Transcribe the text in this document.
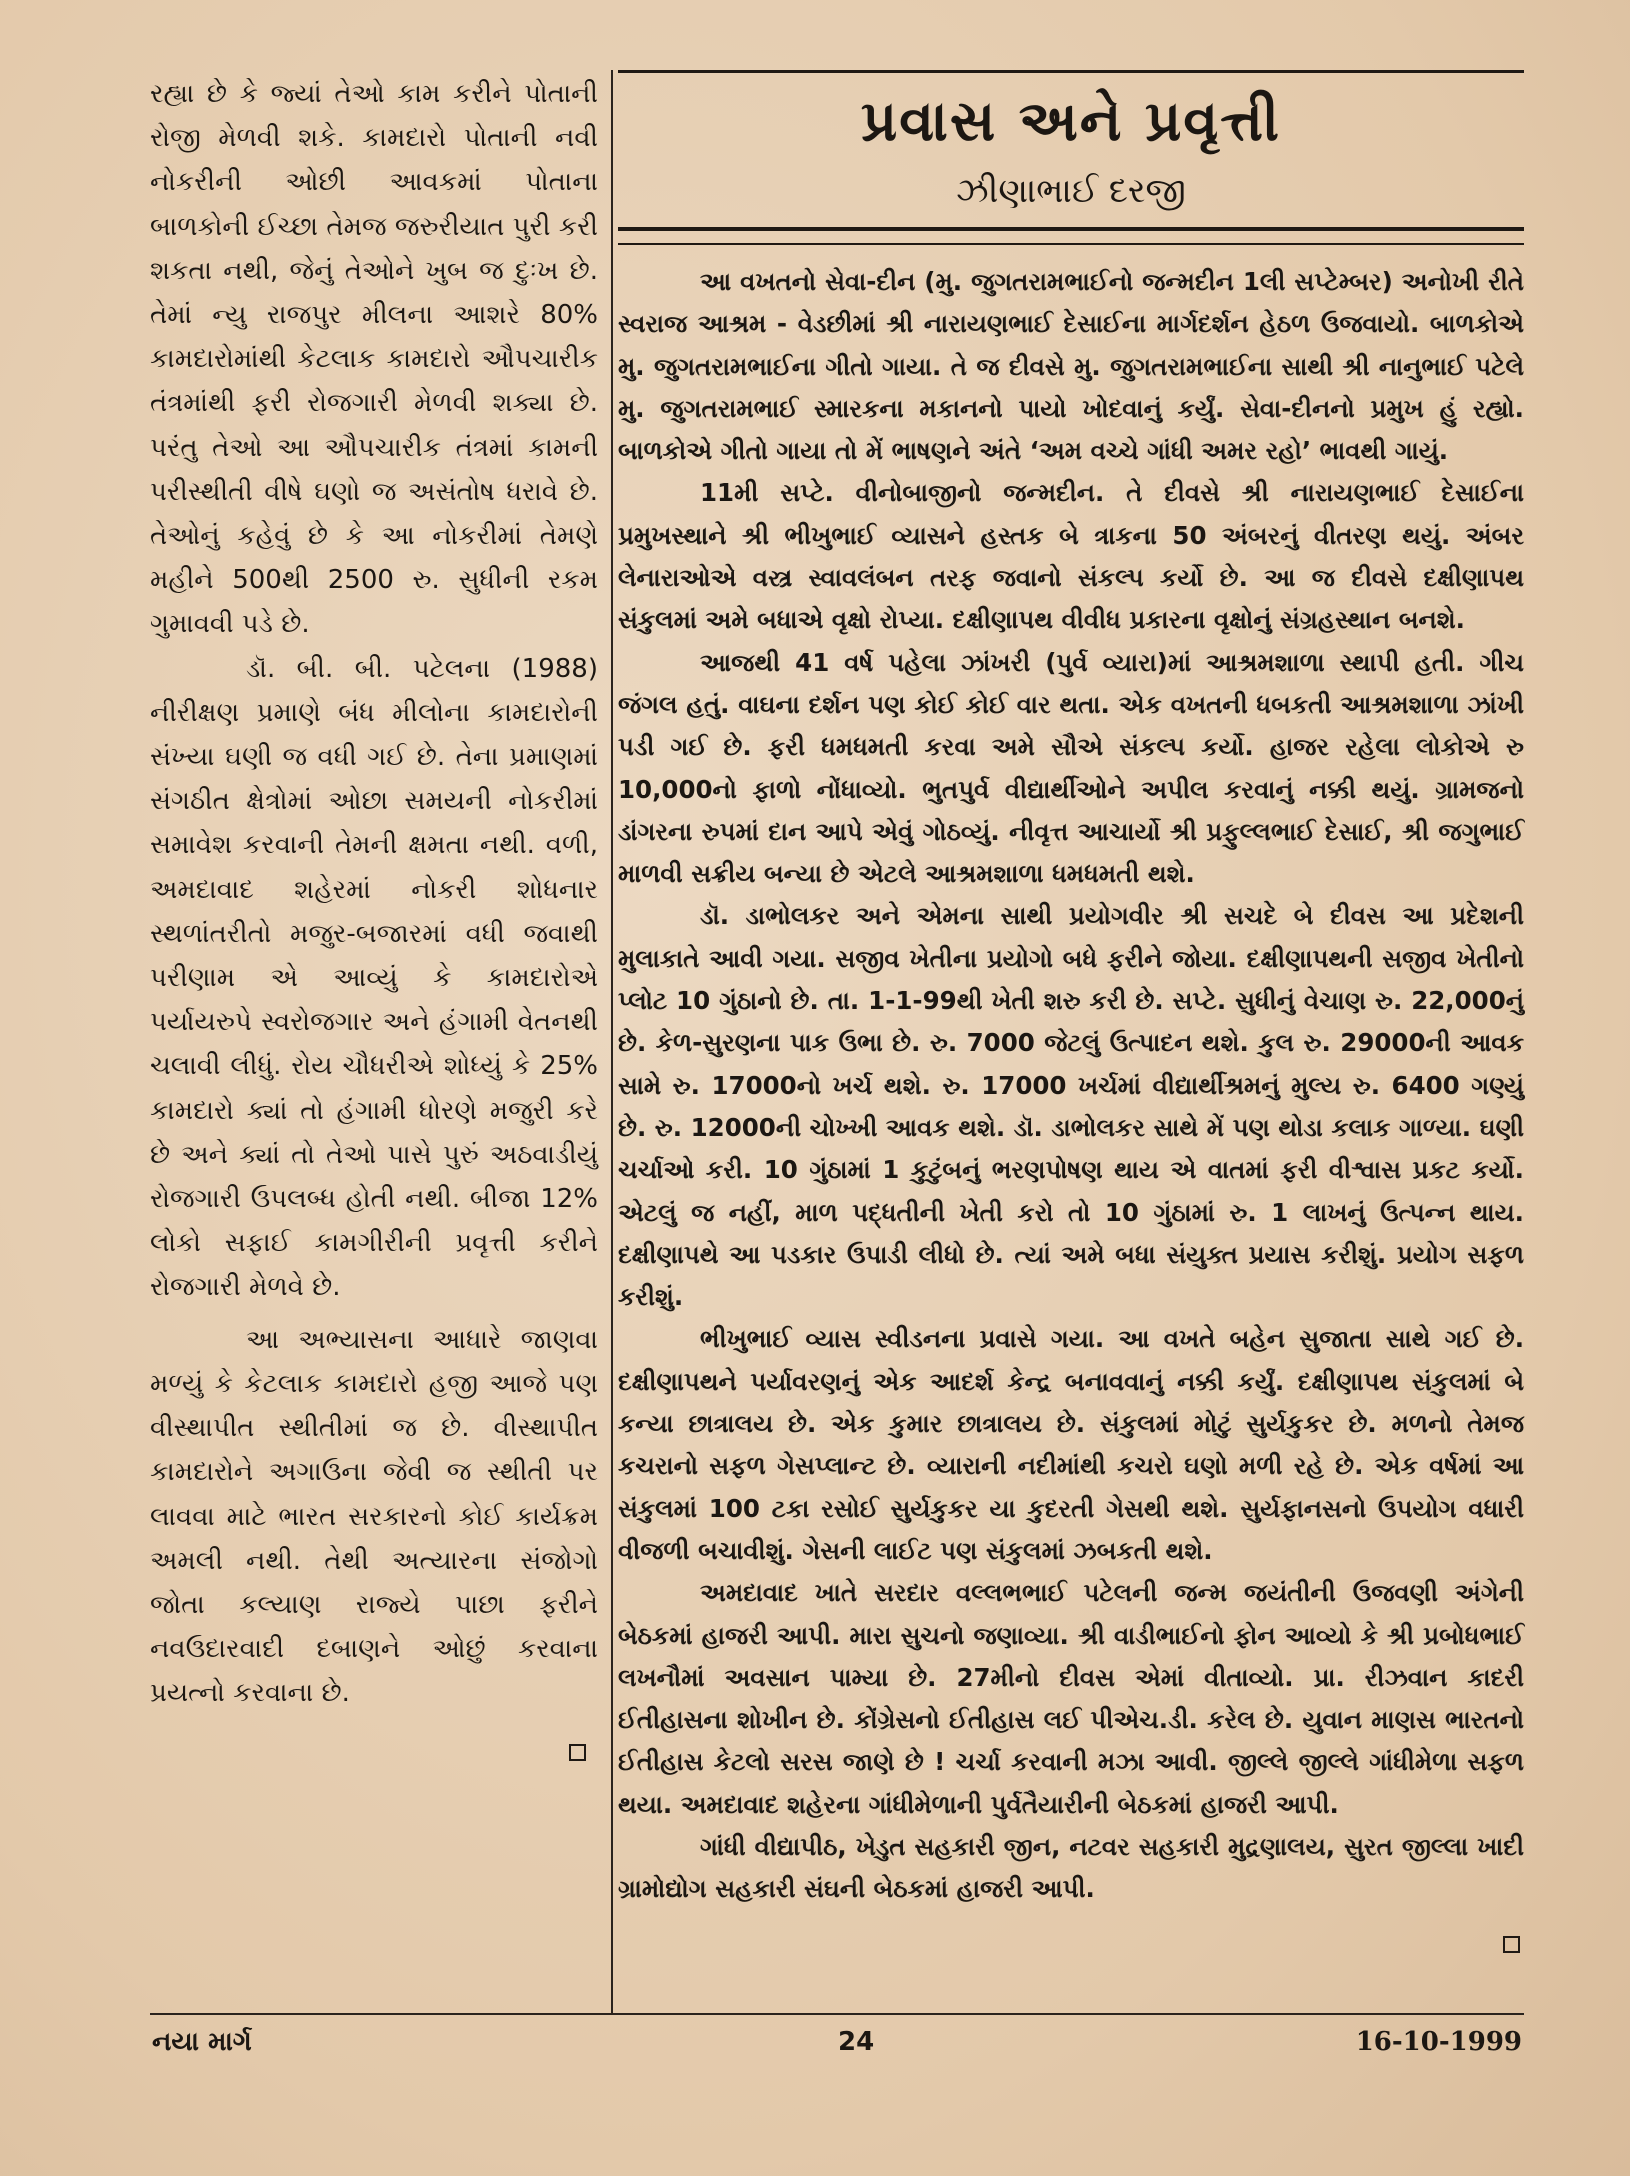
રહ્યા છે કે જ્યાં તેઓ કામ કરીને પોતાની રોજી મેળવી શકે. કામદારો પોતાની નવી નોકરીની ઓછી આવકમાં પોતાના બાળકોની ઈચ્છા તેમજ જરુરીયાત પુરી કરી શકતા નથી, જેનું તેઓને ખુબ જ દુઃખ છે. તેમાં ન્યુ રાજપુર મીલના આશરે 80% કામદારોમાંથી કેટલાક કામદારો ઔપચારીક તંત્રમાંથી ફરી રોજગારી મેળવી શક્યા છે. પરંતુ તેઓ આ ઔપચારીક તંત્રમાં કામની પરીસ્થીતી વીષે ઘણો જ અસંતોષ ધરાવે છે. તેઓનું કહેવું છે કે આ નોકરીમાં તેમણે મહીને 500થી 2500 રુ. સુધીની રકમ ગુમાવવી પડે છે.

ડૉ. બી. બી. પટેલના (1988) નીરીક્ષણ પ્રમાણે બંધ મીલોના કામદારોની સંખ્યા ઘણી જ વધી ગઈ છે. તેના પ્રમાણમાં સંગઠીત ક્ષેત્રોમાં ઓછા સમયની નોકરીમાં સમાવેશ કરવાની તેમની ક્ષમતા નથી. વળી, અમદાવાદ શહેરમાં નોકરી શોધનાર સ્થળાંતરીતો મજુર-બજારમાં વધી જવાથી પરીણામ એ આવ્યું કે કામદારોએ પર્યાયરુપે સ્વરોજગાર અને હંગામી વેતનથી ચલાવી લીધું. રોય ચૌધરીએ શોધ્યું કે 25% કામદારો ક્યાં તો હંગામી ધોરણે મજુરી કરે છે અને ક્યાં તો તેઓ પાસે પુરું અઠવાડીયું રોજગારી ઉપલબ્ધ હોતી નથી. બીજા 12% લોકો સફાઈ કામગીરીની પ્રવૃત્તી કરીને રોજગારી મેળવે છે.

આ અભ્યાસના આધારે જાણવા મળ્યું કે કેટલાક કામદારો હજી આજે પણ વીસ્થાપીત સ્થીતીમાં જ છે. વીસ્થાપીત કામદારોને અગાઉના જેવી જ સ્થીતી પર લાવવા માટે ભારત સરકારનો કોઈ કાર્યક્રમ અમલી નથી. તેથી અત્યારના સંજોગો જોતા કલ્યાણ રાજ્યે પાછા ફરીને નવઉદારવાદી દબાણને ઓછું કરવાના પ્રયત્નો કરવાના છે.

પ્રવાસ અને પ્રવૃત્તી
ઝીણાભાઈ દરજી

આ વખતનો સેવા-દીન (મુ. જુગતરામભાઈનો જન્મદીન 1લી સપ્ટેમ્બર) અનોખી રીતે સ્વરાજ આશ્રમ - વેડછીમાં શ્રી નારાયણભાઈ દેસાઈના માર્ગદર્શન હેઠળ ઉજવાયો. બાળકોએ મુ. જુગતરામભાઈના ગીતો ગાયા. તે જ દીવસે મુ. જુગતરામભાઈના સાથી શ્રી નાનુભાઈ પટેલે મુ. જુગતરામભાઈ સ્મારકના મકાનનો પાયો ખોદવાનું કર્યું. સેવા-દીનનો પ્રમુખ હું રહ્યો. બાળકોએ ગીતો ગાયા તો મેં ભાષણને અંતે ‘અમ વચ્ચે ગાંધી અમર રહો’ ભાવથી ગાયું.

11મી સપ્ટે. વીનોબાજીનો જન્મદીન. તે દીવસે શ્રી નારાયણભાઈ દેસાઈના પ્રમુખસ્થાને શ્રી ભીખુભાઈ વ્યાસને હસ્તક બે ત્રાકના 50 અંબરનું વીતરણ થયું. અંબર લેનારાઓએ વસ્ત્ર સ્વાવલંબન તરફ જવાનો સંકલ્પ કર્યો છે. આ જ દીવસે દક્ષીણાપથ સંકુલમાં અમે બધાએ વૃક્ષો રોપ્યા. દક્ષીણાપથ વીવીધ પ્રકારના વૃક્ષોનું સંગ્રહસ્થાન બનશે.

આજથી 41 વર્ષ પહેલા ઝાંખરી (પુર્વ વ્યારા)માં આશ્રમશાળા સ્થાપી હતી. ગીચ જંગલ હતું. વાઘના દર્શન પણ કોઈ કોઈ વાર થતા. એક વખતની ધબકતી આશ્રમશાળા ઝાંખી પડી ગઈ છે. ફરી ધમધમતી કરવા અમે સૌએ સંકલ્પ કર્યો. હાજર રહેલા લોકોએ રુ 10,000નો ફાળો નોંધાવ્યો. ભુતપુર્વ વીદ્યાર્થીઓને અપીલ કરવાનું નક્કી થયું. ગ્રામજનો ડાંગરના રુપમાં દાન આપે એવું ગોઠવ્યું. નીવૃત્ત આચાર્યો શ્રી પ્રફુલ્લભાઈ દેસાઈ, શ્રી જગુભાઈ માળવી સક્રીય બન્યા છે એટલે આશ્રમશાળા ધમધમતી થશે.

ડૉ. ડાભોલકર અને એમના સાથી પ્રયોગવીર શ્રી સચદે બે દીવસ આ પ્રદેશની મુલાકાતે આવી ગયા. સજીવ ખેતીના પ્રયોગો બધે ફરીને જોયા. દક્ષીણાપથની સજીવ ખેતીનો પ્લોટ 10 ગુંઠાનો છે. તા. 1-1-99થી ખેતી શરુ કરી છે. સપ્ટે. સુધીનું વેચાણ રુ. 22,000નું છે. કેળ-સુરણના પાક ઉભા છે. રુ. 7000 જેટલું ઉત્પાદન થશે. કુલ રુ. 29000ની આવક સામે રુ. 17000નો ખર્ચ થશે. રુ. 17000 ખર્ચમાં વીદ્યાર્થીશ્રમનું મુલ્ય રુ. 6400 ગણ્યું છે. રુ. 12000ની ચોખ્ખી આવક થશે. ડૉ. ડાભોલકર સાથે મેં પણ થોડા કલાક ગાળ્યા. ઘણી ચર્ચાઓ કરી. 10 ગુંઠામાં 1 કુટુંબનું ભરણપોષણ થાય એ વાતમાં ફરી વીશ્વાસ પ્રકટ કર્યો. એટલું જ નહીં, માળ પદ્ધતીની ખેતી કરો તો 10 ગુંઠામાં રુ. 1 લાખનું ઉત્પન્ન થાય. દક્ષીણાપથે આ પડકાર ઉપાડી લીધો છે. ત્યાં અમે બધા સંયુક્ત પ્રયાસ કરીશું. પ્રયોગ સફળ કરીશું.

ભીખુભાઈ વ્યાસ સ્વીડનના પ્રવાસે ગયા. આ વખતે બહેન સુજાતા સાથે ગઈ છે. દક્ષીણાપથને પર્યાવરણનું એક આદર્શ કેન્દ્ર બનાવવાનું નક્કી કર્યું. દક્ષીણાપથ સંકુલમાં બે કન્યા છાત્રાલય છે. એક કુમાર છાત્રાલય છે. સંકુલમાં મોટું સુર્યકુકર છે. મળનો તેમજ કચરાનો સફળ ગેસપ્લાન્ટ છે. વ્યારાની નદીમાંથી કચરો ઘણો મળી રહે છે. એક વર્ષમાં આ સંકુલમાં 100 ટકા રસોઈ સુર્યકુકર યા કુદરતી ગેસથી થશે. સુર્યફાનસનો ઉપયોગ વધારી વીજળી બચાવીશું. ગેસની લાઈટ પણ સંકુલમાં ઝબકતી થશે.

અમદાવાદ ખાતે સરદાર વલ્લભભાઈ પટેલની જન્મ જયંતીની ઉજવણી અંગેની બેઠકમાં હાજરી આપી. મારા સુચનો જણાવ્યા. શ્રી વાડીભાઈનો ફોન આવ્યો કે શ્રી પ્રબોધભાઈ લખનૌમાં અવસાન પામ્યા છે. 27મીનો દીવસ એમાં વીતાવ્યો. પ્રા. રીઝવાન કાદરી ઈતીહાસના શોખીન છે. કોંગ્રેસનો ઈતીહાસ લઈ પીએચ.ડી. કરેલ છે. યુવાન માણસ ભારતનો ઈતીહાસ કેટલો સરસ જાણે છે ! ચર્ચા કરવાની મઝા આવી. જીલ્લે જીલ્લે ગાંધીમેળા સફળ થયા. અમદાવાદ શહેરના ગાંધીમેળાની પુર્વતૈયારીની બેઠકમાં હાજરી આપી.

ગાંધી વીદ્યાપીઠ, ખેડુત સહકારી જીન, નટવર સહકારી મુદ્રણાલય, સુરત જીલ્લા ખાદી ગ્રામોદ્યોગ સહકારી સંઘની બેઠકમાં હાજરી આપી.

નયા માર્ગ	24	16-10-1999
